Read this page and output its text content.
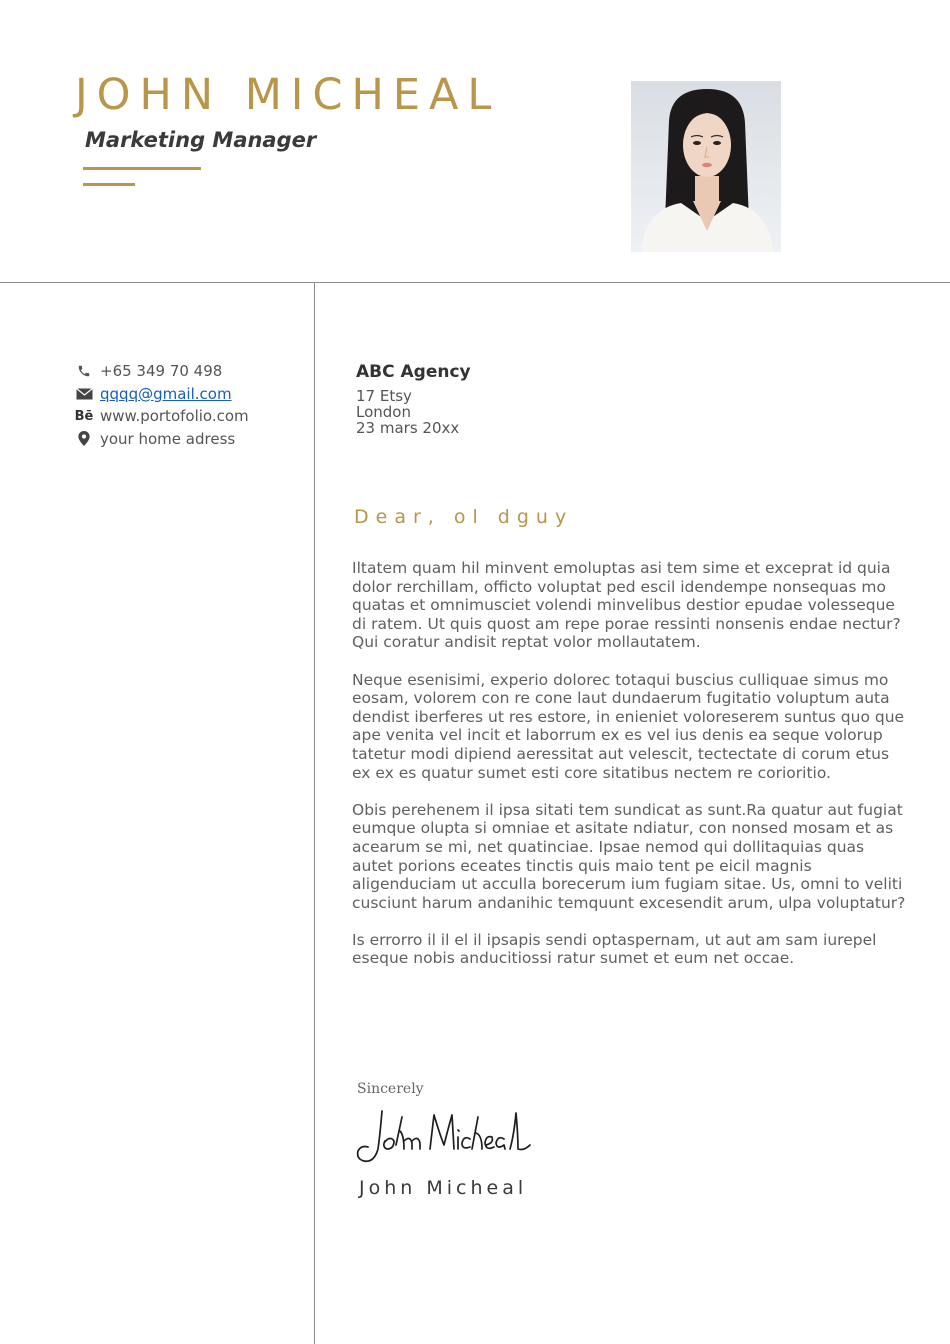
JOHN MICHEAL
Marketing Manager
+65 349 70 498
qqqq@gmail.com
Bē www.portofolio.com
your home adress
ABC Agency
17 Etsy
London
23 mars 20xx
Dear, ol dguy

Iltatem quam hil minvent emoluptas asi tem sime et exceprat id quia dolor rerchillam, officto voluptat ped escil idendempe nonsequas mo quatas et omnimusciet volendi minvelibus destior epudae volesseque di ratem. Ut quis quost am repe porae ressinti nonsenis endae nectur? Qui coratur andisit reptat volor mollautatem.

Neque esenisimi, experio dolorec totaqui buscius culliquae simus mo eosam, volorem con re cone laut dundaerum fugitatio voluptum auta dendist iberferes ut res estore, in enieniet voloreserem suntus quo que ape venita vel incit et laborrum ex es vel ius denis ea seque volorup tatetur modi dipiend aeressitat aut velescit, tectectate di corum etus ex ex es quatur sumet esti core sitatibus nectem re corioritio.

Obis perehenem il ipsa sitati tem sundicat as sunt.Ra quatur aut fugiat eumque olupta si omniae et asitate ndiatur, con nonsed mosam et as acearum se mi, net quatinciae. Ipsae nemod qui dollitaquias quas autet porions eceates tinctis quis maio tent pe eicil magnis aligenduciam ut acculla borecerum ium fugiam sitae. Us, omni to veliti cusciunt harum andanihic temquunt excesendit arum, ulpa voluptatur?

Is errorro il il el il ipsapis sendi optaspernam, ut aut am sam iurepel eseque nobis anducitiossi ratur sumet et eum net occae.

Sincerely
John Micheal
